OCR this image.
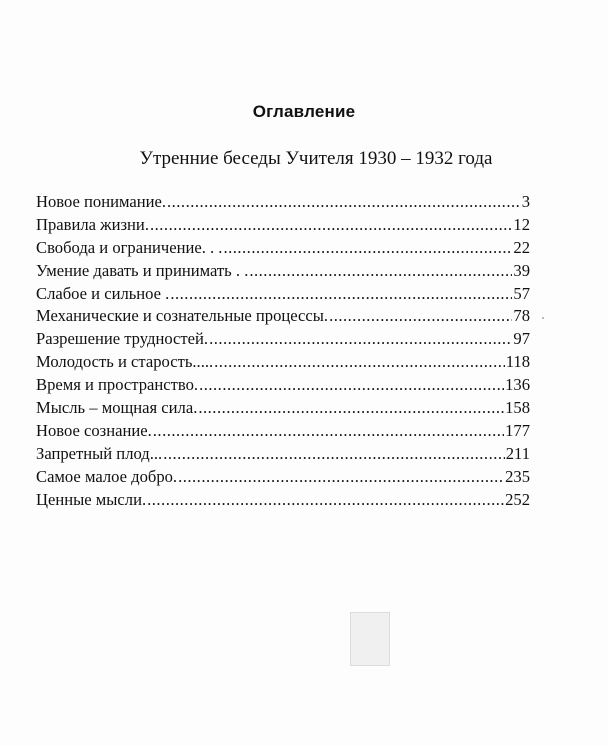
Оглавление
Утренние беседы Учителя 1930 – 1932 года
Новое понимание. .....	3
Правила жизни. .....	12
Свобода и ограничение. . . .....	22
Умение давать и принимать . . .....	39
Слабое и сильное . .....	57
Механические и сознательные процессы. .....	78
Разрешение трудностей. .....	97
Молодость и старость..... .....	118
Время и пространство. .....	136
Мысль – мощная сила. .....	158
Новое сознание. .....	177
Запретный плод... .....	211
Самое малое добро. .....	235
Ценные мысли. .....	252
